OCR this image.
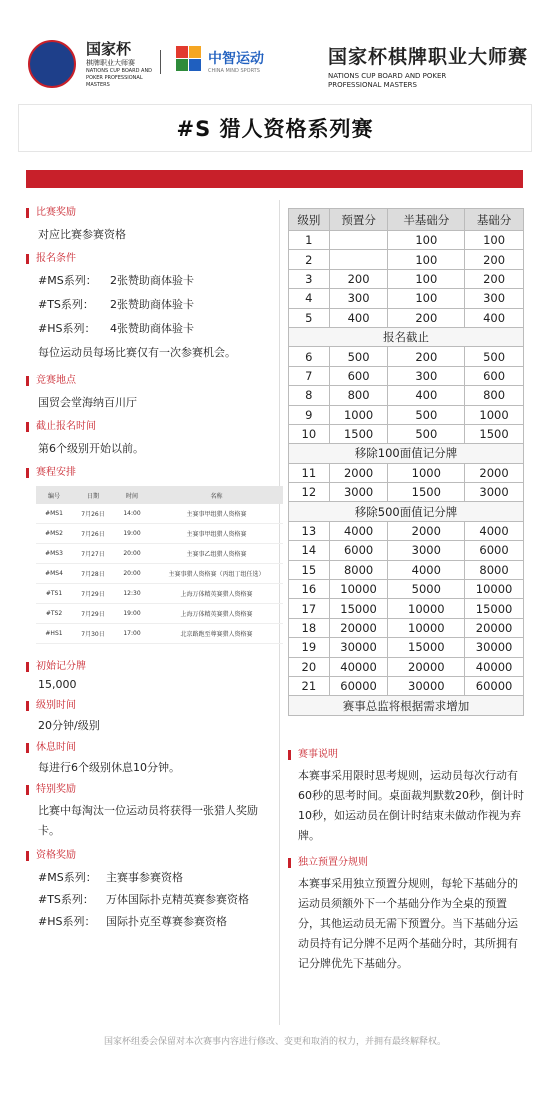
国家杯
棋牌职业大师赛
NATIONS CUP BOARD AND POKER PROFESSIONAL MASTERS
中智运动
CHINA MIND SPORTS
国家杯棋牌职业大师赛
NATIONS CUP BOARD AND POKER PROFESSIONAL MASTERS
#S 猎人资格系列赛
比赛奖励
对应比赛参赛资格
报名条件
#MS系列： 2张赞助商体验卡
#TS系列： 2张赞助商体验卡
#HS系列： 4张赞助商体验卡
每位运动员每场比赛仅有一次参赛机会。
竞赛地点
国贸会堂海纳百川厅
截止报名时间
第6个级别开始以前。
赛程安排
编号	日期	时间	名称
#MS1	7月26日	14:00	主赛事甲组猎人资格赛
#MS2	7月26日	19:00	主赛事甲组猎人资格赛
#MS3	7月27日	20:00	主赛事乙组猎人资格赛
#MS4	7月28日	20:00	主赛事猎人资格赛（丙组丁组任选）
#TS1	7月29日	12:30	上海万体精英赛猎人资格赛
#TS2	7月29日	19:00	上海万体精英赛猎人资格赛
#HS1	7月30日	17:00	北京路跑至尊赛猎人资格赛
初始记分牌
15,000
级别时间
20分钟/级别
休息时间
每进行6个级别休息10分钟。
特别奖励
比赛中每淘汰一位运动员将获得一张猎人奖励卡。
资格奖励
#MS系列： 主赛事参赛资格
#TS系列： 万体国际扑克精英赛参赛资格
#HS系列： 国际扑克至尊赛参赛资格
级别	预置分	半基础分	基础分
1		100	100
2		100	200
3	200	100	200
4	300	100	300
5	400	200	400
报名截止			
6	500	200	500
7	600	300	600
8	800	400	800
9	1000	500	1000
10	1500	500	1500
移除100面值记分牌			
11	2000	1000	2000
12	3000	1500	3000
移除500面值记分牌			
13	4000	2000	4000
14	6000	3000	6000
15	8000	4000	8000
16	10000	5000	10000
17	15000	10000	15000
18	20000	10000	20000
19	30000	15000	30000
20	40000	20000	40000
21	60000	30000	60000
赛事总监将根据需求增加			
赛事说明
本赛事采用限时思考规则，运动员每次行动有60秒的思考时间。桌面裁判默数20秒，倒计时10秒，如运动员在倒计时结束未做动作视为弃牌。
独立预置分规则
本赛事采用独立预置分规则，每轮下基础分的运动员须额外下一个基础分作为全桌的预置分，其他运动员无需下预置分。当下基础分运动员持有记分牌不足两个基础分时，其所拥有记分牌优先下基础分。
国家杯组委会保留对本次赛事内容进行修改、变更和取消的权力，并拥有最终解释权。
